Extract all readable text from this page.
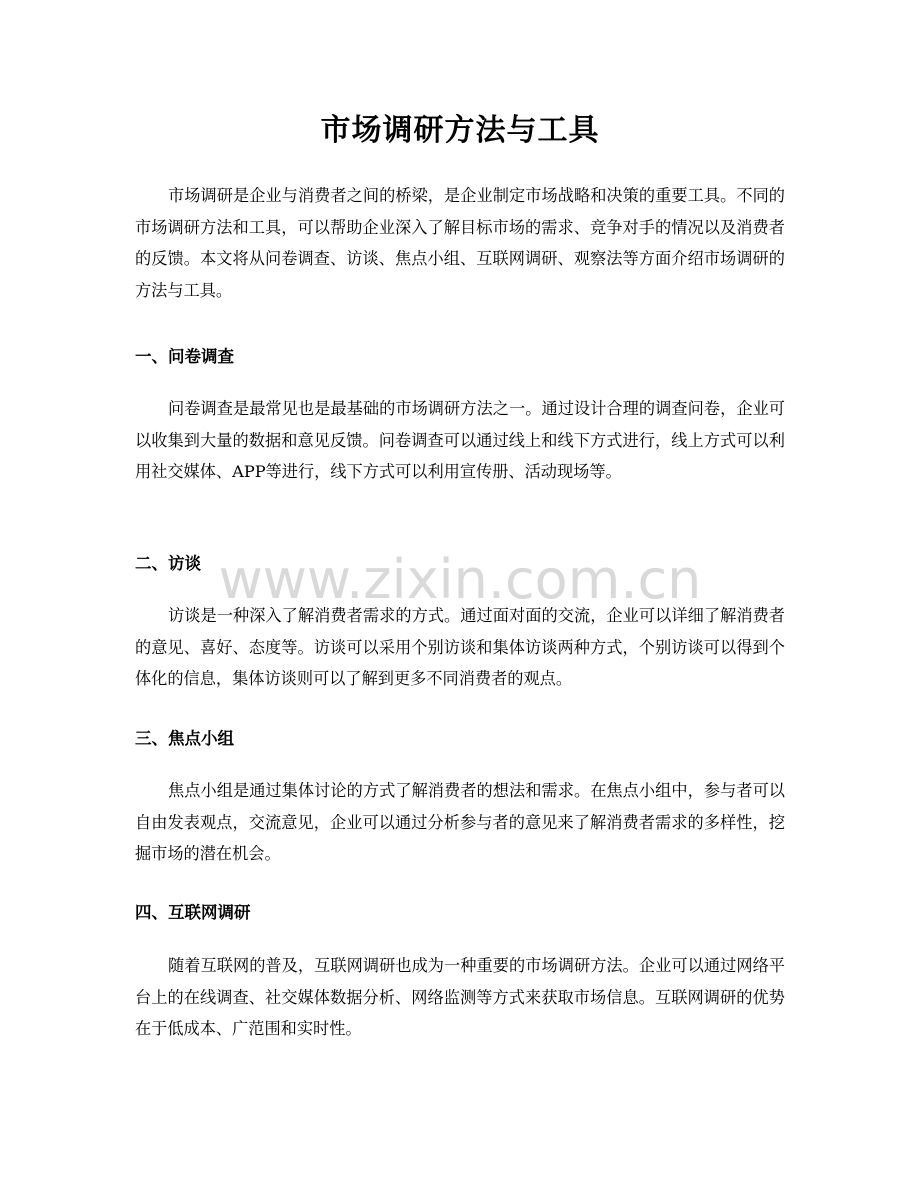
市场调研方法与工具

市场调研是企业与消费者之间的桥梁，是企业制定市场战略和决策的重要工具。不同的市场调研方法和工具，可以帮助企业深入了解目标市场的需求、竞争对手的情况以及消费者的反馈。本文将从问卷调查、访谈、焦点小组、互联网调研、观察法等方面介绍市场调研的方法与工具。

一、问卷调查

问卷调查是最常见也是最基础的市场调研方法之一。通过设计合理的调查问卷，企业可以收集到大量的数据和意见反馈。问卷调查可以通过线上和线下方式进行，线上方式可以利用社交媒体、APP等进行，线下方式可以利用宣传册、活动现场等。

二、访谈

访谈是一种深入了解消费者需求的方式。通过面对面的交流，企业可以详细了解消费者的意见、喜好、态度等。访谈可以采用个别访谈和集体访谈两种方式，个别访谈可以得到个体化的信息，集体访谈则可以了解到更多不同消费者的观点。

三、焦点小组

焦点小组是通过集体讨论的方式了解消费者的想法和需求。在焦点小组中，参与者可以自由发表观点，交流意见，企业可以通过分析参与者的意见来了解消费者需求的多样性，挖掘市场的潜在机会。

四、互联网调研

随着互联网的普及，互联网调研也成为一种重要的市场调研方法。企业可以通过网络平台上的在线调查、社交媒体数据分析、网络监测等方式来获取市场信息。互联网调研的优势在于低成本、广范围和实时性。

www.zixin.com.cn
